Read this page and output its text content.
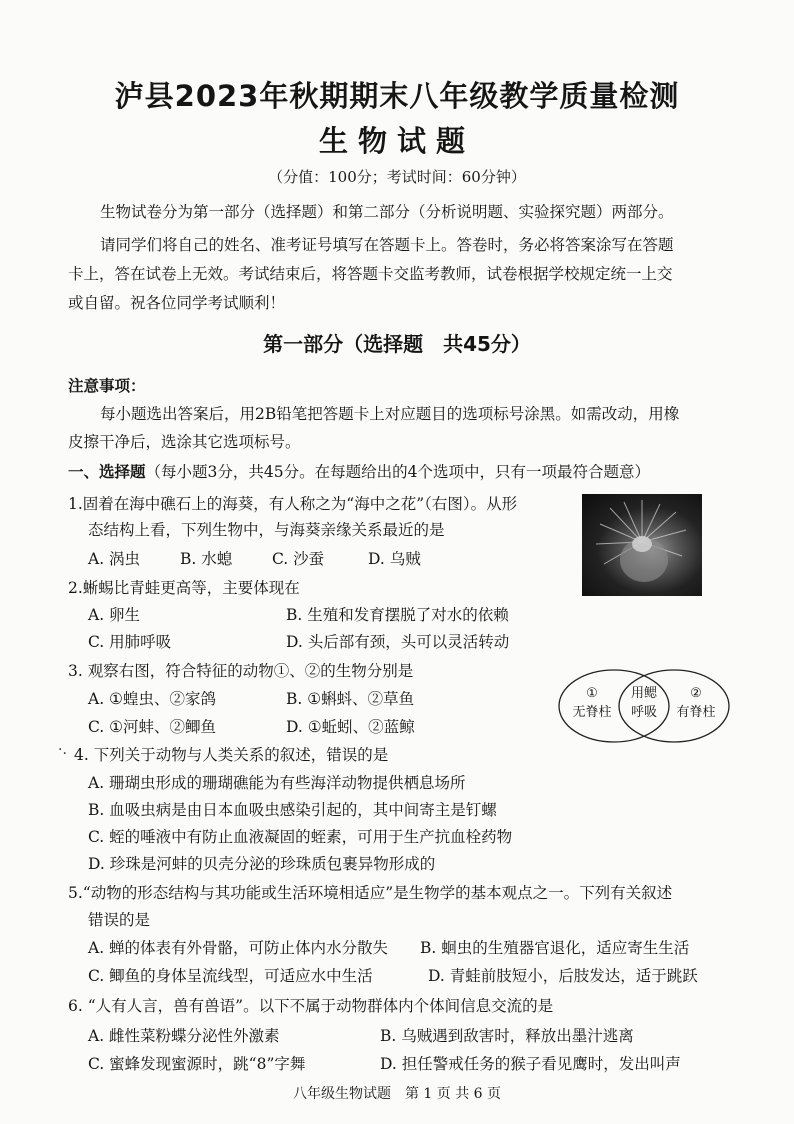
泸县2023年秋期期末八年级教学质量检测
生物试题
（分值：100分；考试时间：60分钟）
生物试卷分为第一部分（选择题）和第二部分（分析说明题、实验探究题）两部分。
请同学们将自己的姓名、准考证号填写在答题卡上。答卷时，务必将答案涂写在答题
卡上，答在试卷上无效。考试结束后，将答题卡交监考教师，试卷根据学校规定统一上交
或自留。祝各位同学考试顺利！
第一部分（选择题　共45分）
注意事项：
每小题选出答案后，用2B铅笔把答题卡上对应题目的选项标号涂黑。如需改动，用橡
皮擦干净后，选涂其它选项标号。
一、选择题（每小题3分，共45分。在每题给出的4个选项中，只有一项最符合题意）
1.固着在海中礁石上的海葵，有人称之为“海中之花”（右图）。从形
态结构上看，下列生物中，与海葵亲缘关系最近的是
A. 涡虫	B. 水螅	C. 沙蚕	D. 乌贼
2.蜥蜴比青蛙更高等，主要体现在
A. 卵生	B. 生殖和发育摆脱了对水的依赖
C. 用肺呼吸	D. 头后部有颈，头可以灵活转动
3. 观察右图，符合特征的动物①、②的生物分别是
A. ①蝗虫、②家鸽	B. ①蝌蚪、②草鱼
C. ①河蚌、②鲫鱼	D. ①蚯蚓、②蓝鲸
①
无脊柱
用鳃
呼吸
②
有脊柱
·. 4. 下列关于动物与人类关系的叙述，错误的是
A. 珊瑚虫形成的珊瑚礁能为有些海洋动物提供栖息场所
B. 血吸虫病是由日本血吸虫感染引起的，其中间寄主是钉螺
C. 蛭的唾液中有防止血液凝固的蛭素，可用于生产抗血栓药物
D. 珍珠是河蚌的贝壳分泌的珍珠质包裹异物形成的
5.“动物的形态结构与其功能或生活环境相适应”是生物学的基本观点之一。下列有关叙述
错误的是
A. 蝉的体表有外骨骼，可防止体内水分散失 B. 蛔虫的生殖器官退化，适应寄生生活
C. 鲫鱼的身体呈流线型，可适应水中生活	D. 青蛙前肢短小，后肢发达，适于跳跃
6. “人有人言，兽有兽语”。以下不属于动物群体内个体间信息交流的是
A. 雌性菜粉蝶分泌性外激素	B. 乌贼遇到敌害时，释放出墨汁逃离
C. 蜜蜂发现蜜源时，跳“8”字舞	D. 担任警戒任务的猴子看见鹰时，发出叫声
八年级生物试题　第 1 页 共 6 页
